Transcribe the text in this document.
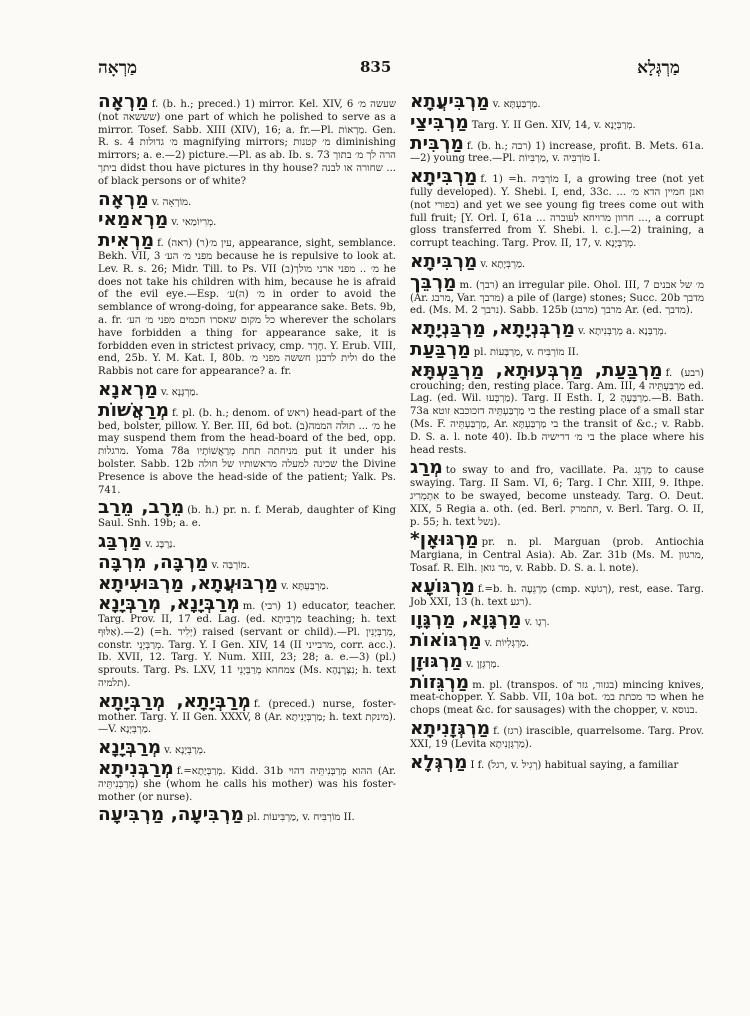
מַרְאָה	835	מַרְגְּלָא

מַרְאָה f. (b. h.; preced.) 1) mirror. Kel. XIV, 6 שעשה מ׳ (not שששאה) one part of which he polished to serve as a mirror. Tosef. Sabb. XIII (XIV), 16; a. fr.—Pl. מַרְאוֹת. Gen. R. s. 4 מ׳ גדולות magnifying mirrors; מ׳ קטנות diminishing mirrors; a. e.—2) picture.—Pl. as ab. Ib. s. 73 הרה לך מ׳ בתוך ביתך didst thou have pictures in thy house? שחורה או לבנה ... of black persons or of white?

מַרְאָה v. מוֹרְאָה.

מַרְאמַאי v. מְרִיוֹמַאי.

מַרְאִית f. (ראה) (ר)עין מ׳, appearance, sight, semblance. Bekh. VII, 3 מפני מ׳ הע׳ because he is repulsive to look at. Lev. R. s. 26; Midr. Till. to Ps. VII (ב)מ׳ .. מפני ארני מולך he does not take his children with him, because he is afraid of the evil eye.—Esp. מ׳ (ה)ע׳ in order to avoid the semblance of wrong-doing, for appearance sake. Bets. 9b, a. fr. כל מקום שאסרו חכמים מפני מ׳ הע׳ wherever the scholars have forbidden a thing for appearance sake, it is forbidden even in strictest privacy, cmp. חֶדֶר. Y. Erub. VIII, end, 25b. Y. M. Kat. I, 80b. ולית לרבנן חששה מפני מ׳ do the Rabbis not care for appearance? a. fr.

מַרְאנָא v. מַרְגָּנָא.

מְרַאֲשׁוֹת f. pl. (b. h.; denom. of ראש) head-part of the bed, bolster, pillow. Y. Ber. III, 6d bot. (ב)מ׳ ... תולה הממה he may suspend them from the head-board of the bed, opp. מרגלות. Yoma 78a מניחתה תחת מְרַאֲשׁוֹתָיו put it under his bolster. Sabb. 12b שכינה למעלה מראשותיו של חולה the Divine Presence is above the head-side of the patient; Yalk. Ps. 741.

מֵרָב, מֵרַב (b. h.) pr. n. f. Merab, daughter of King Saul. Snh. 19b; a. e.

מַרְבַּג v. נַרְבָּג.

מַרְבָּה, מִרְבָּה v. מוֹרְבַּה.

מַרְבּוּעֲתָא, מַרְבּוּעִיתָא v. מַרְבַּעְתָּא.

מְרַבְּיָנָא, מְרַבְּיָנָא m. (רבי) 1) educator, teacher. Targ. Prov. II, 17 ed. Lag. (ed. מַרְבִּיתָא teaching; h. text אַלּוּף).—2) (=h. יְלִיד) raised (servant or child).—Pl. מְרַבְּיָנִין, constr. מְרַבְּיָנֵי. Targ. Y. I Gen. XIV, 14 (II מרבייני, corr. acc.). Ib. XVII, 12. Targ. Y. Num. XIII, 23; 28; a. e.—3) (pl.) sprouts. Targ. Ps. LXV, 11 צמחהא מְרַבְּיָנֵי (Ms. נִצְּרָנָהָא; h. text תלמיה).

מְרַבְּיָתָא, מְרַבְּיָתָא f. (preced.) nurse, foster-mother. Targ. Y. II Gen. XXXV, 8 (Ar. מַרְבְּיָנִיתָא; h. text מינקת).—V. מַרְבְּיָנָא.

מְרַבְּיָנָא v. מְרַבְּיָנָא.

מְרַבְּנִיתָא f.=מְרַבְּיָתָא. Kidd. 31b ההוא מְרַבְּנִיתֵּיה דהוי (Ar. מְרַבְּנִיתֵּיה) she (whom he calls his mother) was his foster-mother (or nurse).

מַרְבִּיעָה, מַרְבִּיעָה pl. מַרְבִּיעוֹת, v. מוֹרְבִּיח II.

מַרְבִּיעֲתָא v. מַרְבַּעְתָּא.

מַרְבִּיצַי Targ. Y. II Gen. XIV, 14, v. מְרַבְּיָנָא.

מַרְבִּית f. (b. h.; רבה) 1) increase, profit. B. Mets. 61a. —2) young tree.—Pl. מַרְבִּיוֹת, v. מוֹרְבִּיה I.

מַרְבִּיתָא f. 1) =h. מוֹרְבִּיה I, a growing tree (not yet fully developed). Y. Shebi. I, end, 33c. ... ואנן חמיין הדא מ׳ (not בפורי) and yet we see young fig trees come out with full fruit; [Y. Orl. I, 61a ... חרוון מרויחא לעוברה ..., a corrupt gloss transferred from Y. Shebi. l. c.].—2) training, a corrupt teaching. Targ. Prov. II, 17, v. מְרַבְּיָנָא.

מַרְבִּיתָא v. מַרְבְּיָתָא.

מַרְבֵּך m. (רבך) an irregular pile. Ohol. III, 7 מ׳ של אבנים (Ar. מרבג, Var. מרבך) a pile of (large) stones; Succ. 20b מדבך ed. (Ms. M. 2 נרבך). Sabb. 125b מרבך (מרבג) Ar. (ed. מדבך).

מַרְבְּנְיָתָא, מַרְבַּנְיָתָא v. מְרַבְּנִיתָא a. מְרַבְּנָא.

מַרְבַּעַת pl. מַרְבָּעוֹת, v. מוֹרְבִּיח II.

מַרְבַּעַת, מַרְבְּעוּתָא, מַרְבַּעְתָּא f. (רבע) crouching; den, resting place. Targ. Am. III, 4 מַרְבַּעְתֵּיה ed. Lag. (ed. Wil. מַרְבְּעוּ). Targ. II Esth. I, 2 מַרְבַּעְהָ.—B. Bath. 73a בי מַרְבַּעְתֵּיה דזכוכבא זוטא the resting place of a small star (Ms. F. מַרְבַּעְתֵּיה, Ar. בי מַרְבַּעְתָּא the transit of &c.; v. Rabb. D. S. a. l. note 40). Ib.b בי מ׳ דרישיה the place where his head rests.

מְרַג to sway to and fro, vacillate. Pa. מְרַגֵּג to cause swaying. Targ. II Sam. VI, 6; Targ. I Chr. XIII, 9. Ithpe. אִתְמְרִיג to be swayed, become unsteady. Targ. O. Deut. XIX, 5 Regia a. oth. (ed. Berl. תתמרק, v. Berl. Targ. O. II, p. 55; h. text נשל).

*מַרְגּוּאָן pr. n. pl. Marguan (prob. Antiochia Margiana, in Central Asia). Ab. Zar. 31b (Ms. M. מרגוון, Tosaf. R. Elh. מר גואן, v. Rabb. D. S. a. l. note).

מַרְגּוֹעָא f.=b. h. מַרְגֵּעָה (cmp. רְגוֹעָא), rest, ease. Targ. Job XXI, 13 (h. text רגע).

מַרְגָּוָא, מַרְגָּוָו v. רְגָו.

מַרְגּוֹאוֹת v. מַרְגְּלִיוֹת.

מַרְגּוּזָן v. מַרְגְּזָן.

מַרְגֵּזוֹת m. pl. (transpos. of בגזור, גזר) mincing knives, meat-chopper. Y. Sabb. VII, 10a bot. כד מכתת במ׳ when he chops (meat &c. for sausages) with the chopper, v. בנוסא.

מַרְגְּזָנִיתָא f. (רגז) irascible, quarrelsome. Targ. Prov. XXI, 19 (Levita מַרְגְּזָנִיתָא).

מַרְגְּלָא I f. (רגל, v. רְגִיל) habitual saying, a familiar
